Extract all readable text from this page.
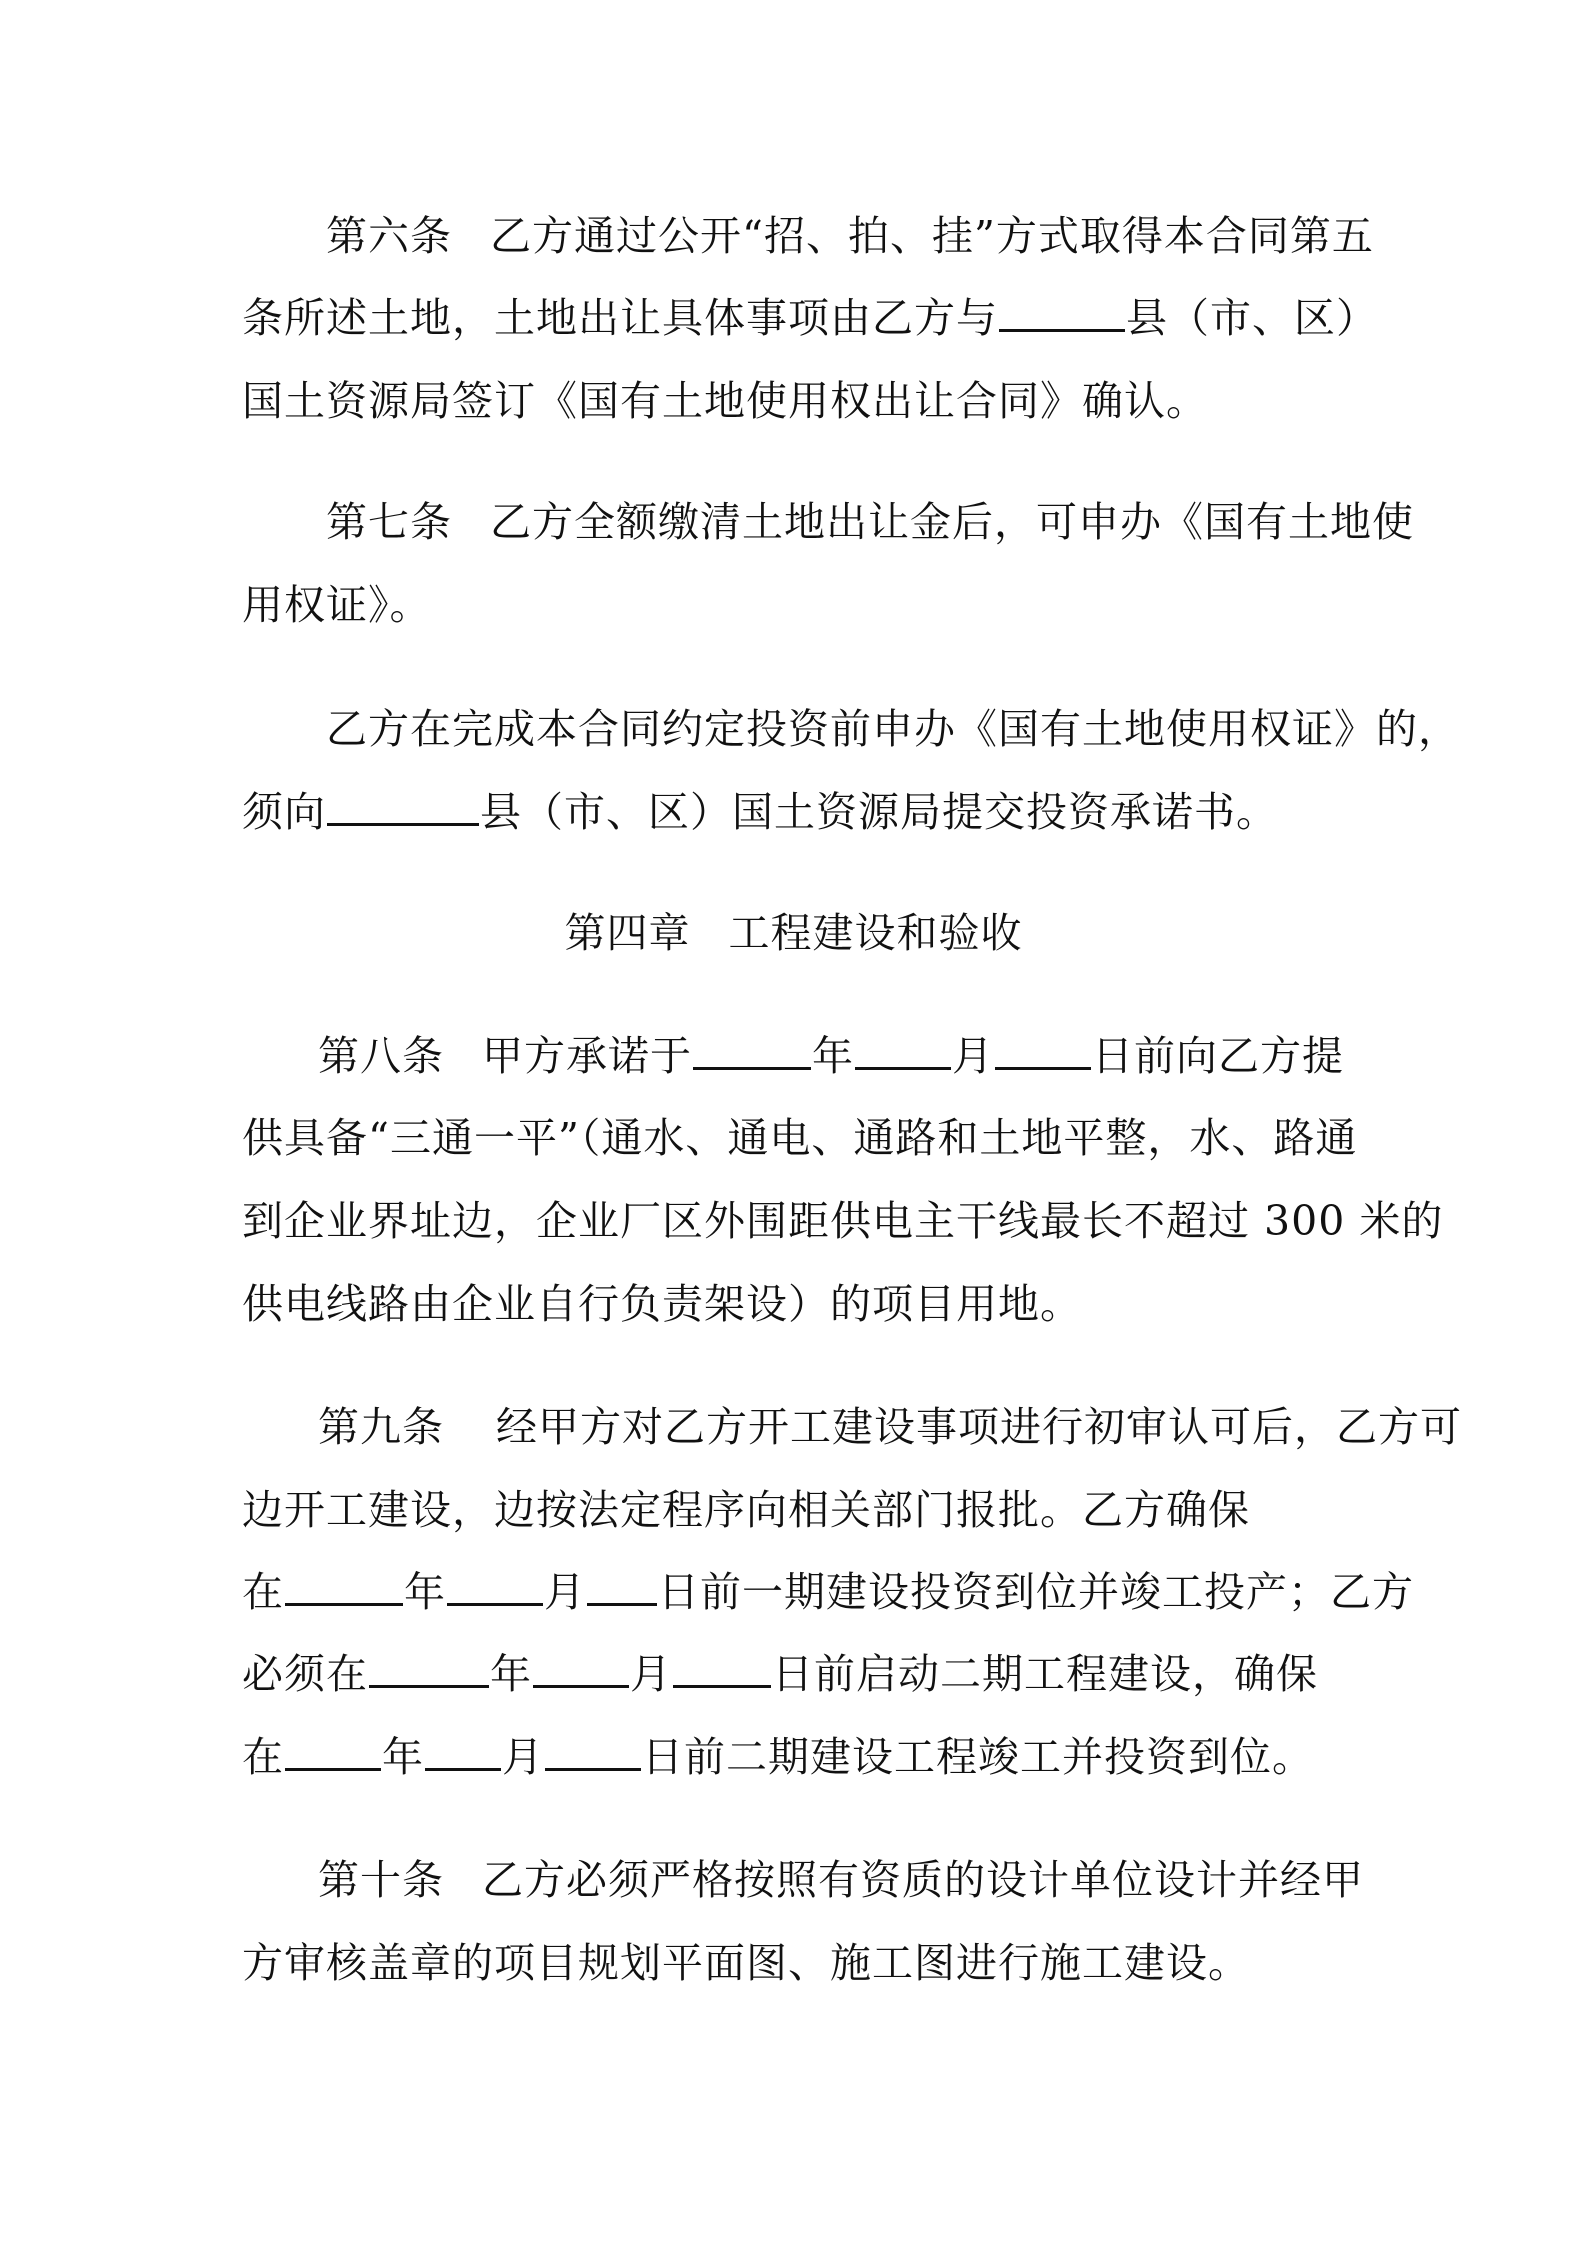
第六条 乙方通过公开“招、拍、挂”方式取得本合同第五
条所述土地，土地出让具体事项由乙方与	县（市、区）
国土资源局签订《国有土地使用权出让合同》确认。
第七条 乙方全额缴清土地出让金后，可申办《国有土地使
用权证》。
乙方在完成本合同约定投资前申办《国有土地使用权证》的，
须向	县（市、区）国土资源局提交投资承诺书。
第四章 工程建设和验收
第八条 甲方承诺于	年 月 日前向乙方提
供具备“三通一平”（通水、通电、通路和土地平整，水、路通
到企业界址边，企业厂区外围距供电主干线最长不超过 300 米的
供电线路由企业自行负责架设）的项目用地。
第九条 经甲方对乙方开工建设事项进行初审认可后，乙方可
边开工建设，边按法定程序向相关部门报批。乙方确保
在	年 月 日前一期建设投资到位并竣工投产；乙方
必须在	年 月 日前启动二期工程建设，确保
在 年 月 日前二期建设工程竣工并投资到位。
第十条 乙方必须严格按照有资质的设计单位设计并经甲
方审核盖章的项目规划平面图、施工图进行施工建设。
